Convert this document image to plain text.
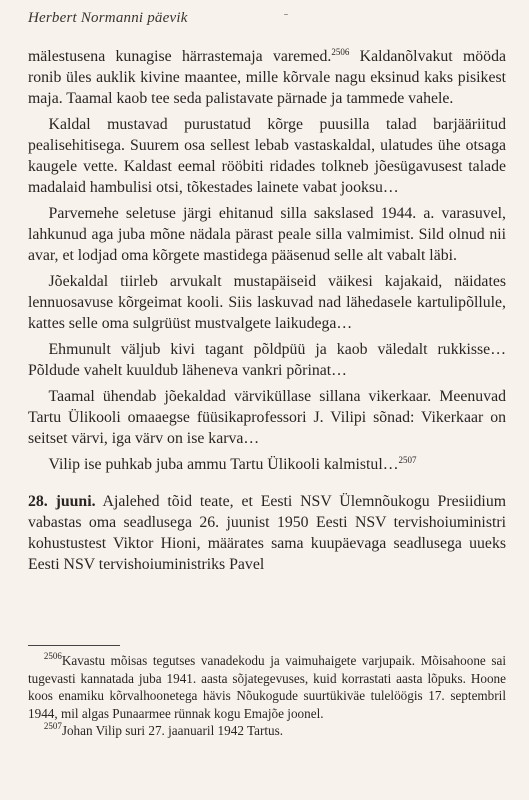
Herbert Normanni päevik	ˉ

mälestusena kunagise härrastemaja varemed.$^{2506}$ Kaldanõlvakut mööda ronib üles auklik kivine maantee, mille kõrvale nagu eksinud kaks pisikest maja. Taamal kaob tee seda palistavate pärnade ja tammede vahele.

Kaldal mustavad purustatud kõrge puusilla talad barjääriitud pealisehitisega. Suurem osa sellest lebab vastaskaldal, ulatudes ühe otsaga kaugele vette. Kaldast eemal rööbiti ridades tolkneb jõesügavusest talade madalaid hambulisi otsi, tõkestades lainete vabat jooksu…

Parvemehe seletuse järgi ehitanud silla sakslased 1944. a. varasuvel, lahkunud aga juba mõne nädala pärast peale silla valmimist. Sild olnud nii avar, et lodjad oma kõrgete mastidega pääsenud selle alt vabalt läbi.

Jõekaldal tiirleb arvukalt mustapäiseid väikesi kajakaid, näidates lennuosavuse kõrgeimat kooli. Siis laskuvad nad lähedasele kartulipõllule, kattes selle oma sulgrüüst mustvalgete laikudega…

Ehmunult väljub kivi tagant põldpüü ja kaob väledalt rukkisse… Põldude vahelt kuuldub läheneva vankri põrinat…

Taamal ühendab jõekaldad värviküllase sillana vikerkaar. Meenuvad Tartu Ülikooli omaaegse füüsikaprofessori J. Vilipi sõnad: Vikerkaar on seitset värvi, iga värv on ise karva…

Vilip ise puhkab juba ammu Tartu Ülikooli kalmistul…$^{2507}$

28. juuni. Ajalehed tõid teate, et Eesti NSV Ülemnõukogu Presiidium vabastas oma seadlusega 26. juunist 1950 Eesti NSV tervishoiuministri kohustustest Viktor Hioni, määrates sama kuupäevaga seadlusega uueks Eesti NSV tervishoiuministriks Pavel

$^{2506}$Kavastu mõisas tegutses vanadekodu ja vaimuhaigete varjupaik. Mõisahoone sai tugevasti kannatada juba 1941. aasta sõjategevuses, kuid korrastati aasta lõpuks. Hoone koos enamiku kõrvalhoonetega hävis Nõukogude suurtükiväe tulelöögis 17. septembril 1944, mil algas Punaarmee rünnak kogu Emajõe joonel.

$^{2507}$Johan Vilip suri 27. jaanuaril 1942 Tartus.
